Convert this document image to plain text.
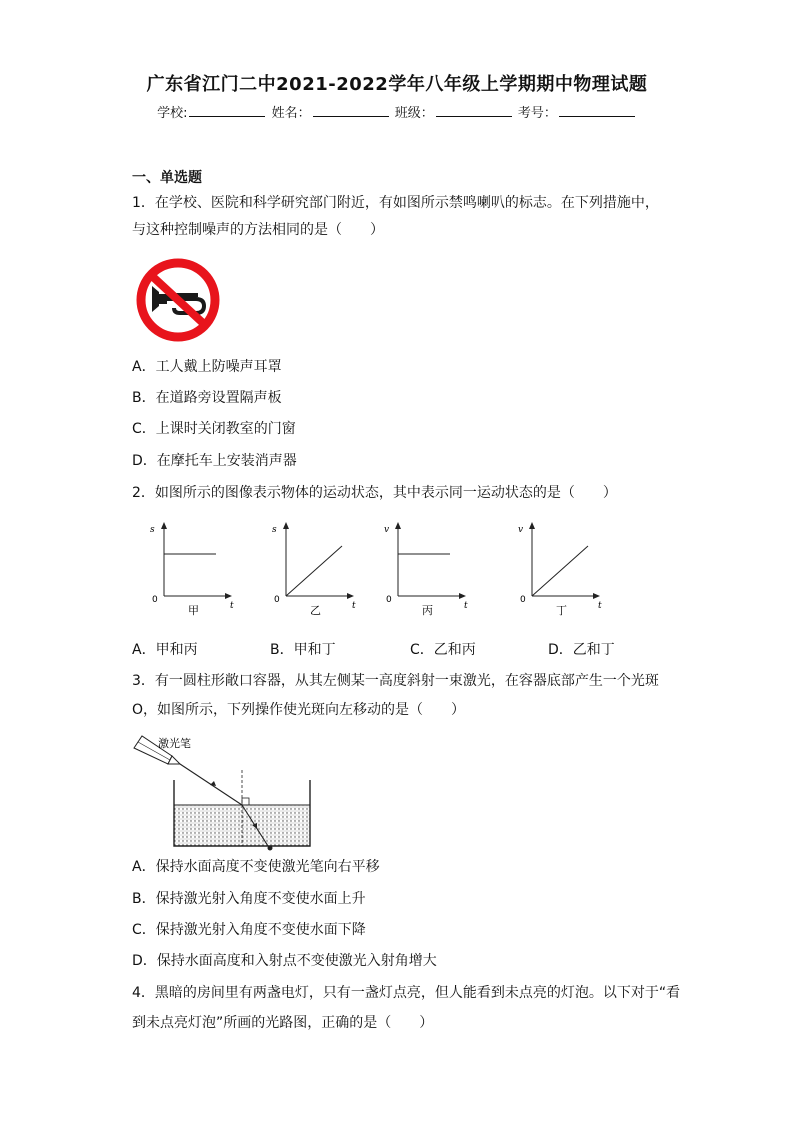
广东省江门二中2021-2022学年八年级上学期期中物理试题
学校:	姓名：	班级：	考号：
一、单选题
1．在学校、医院和科学研究部门附近，有如图所示禁鸣喇叭的标志。在下列措施中，
与这种控制噪声的方法相同的是（　　）
A．工人戴上防噪声耳罩
B．在道路旁设置隔声板
C．上课时关闭教室的门窗
D．在摩托车上安装消声器
2．如图所示的图像表示物体的运动状态，其中表示同一运动状态的是（　　）
s
t
0
甲
s
t
0
乙
v
t
0
丙
v
t
0
丁
A．甲和丙	B．甲和丁	C．乙和丙	D．乙和丁
3．有一圆柱形敞口容器，从其左侧某一高度斜射一束激光，在容器底部产生一个光斑
O，如图所示，下列操作使光斑向左移动的是（　　）
激光笔
A．保持水面高度不变使激光笔向右平移
B．保持激光射入角度不变使水面上升
C．保持激光射入角度不变使水面下降
D．保持水面高度和入射点不变使激光入射角增大
4．黑暗的房间里有两盏电灯，只有一盏灯点亮，但人能看到未点亮的灯泡。以下对于“看
到未点亮灯泡”所画的光路图，正确的是（　　）
